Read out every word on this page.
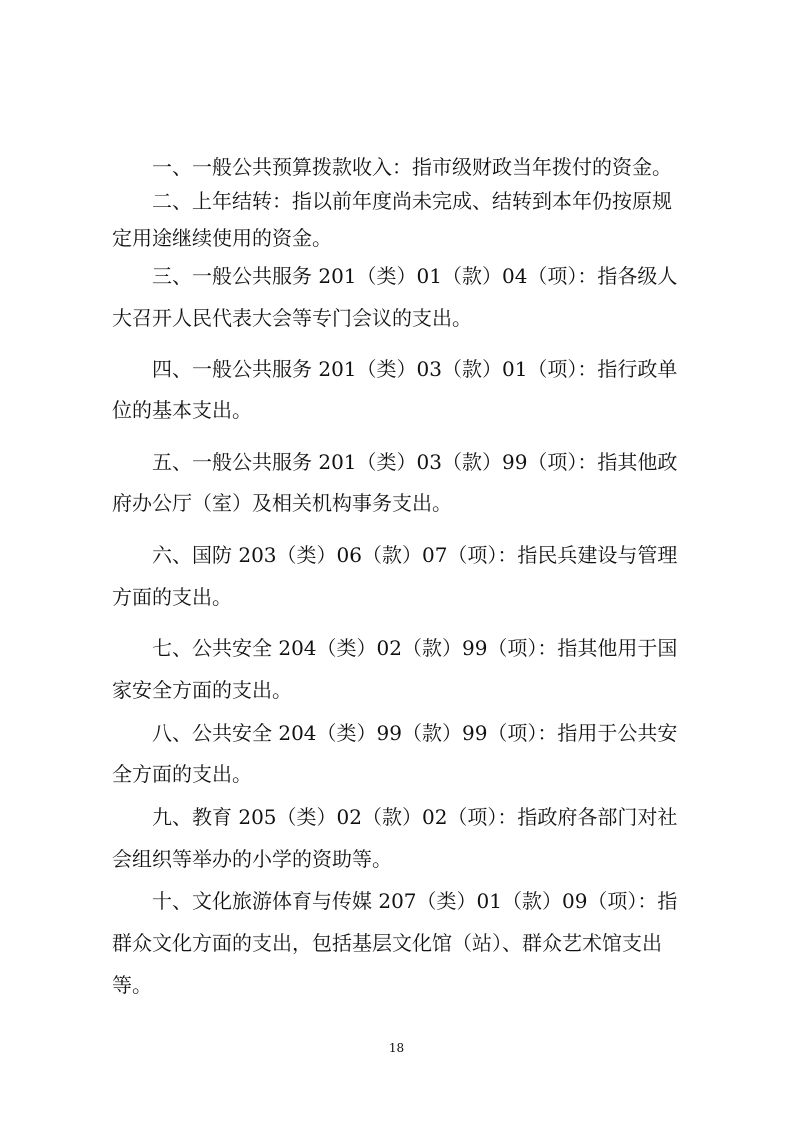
一、一般公共预算拨款收入：指市级财政当年拨付的资金。
二、上年结转：指以前年度尚未完成、结转到本年仍按原规
定用途继续使用的资金。
三、一般公共服务 201（类）01（款）04（项）：指各级人
大召开人民代表大会等专门会议的支出。
四、一般公共服务 201（类）03（款）01（项）：指行政单
位的基本支出。
五、一般公共服务 201（类）03（款）99（项）：指其他政
府办公厅（室）及相关机构事务支出。
六、国防 203（类）06（款）07（项）：指民兵建设与管理
方面的支出。
七、公共安全 204（类）02（款）99（项）：指其他用于国
家安全方面的支出。
八、公共安全 204（类）99（款）99（项）：指用于公共安
全方面的支出。
九、教育 205（类）02（款）02（项）：指政府各部门对社
会组织等举办的小学的资助等。
十、文化旅游体育与传媒 207（类）01（款）09（项）：指
群众文化方面的支出，包括基层文化馆（站）、群众艺术馆支出
等。
18
